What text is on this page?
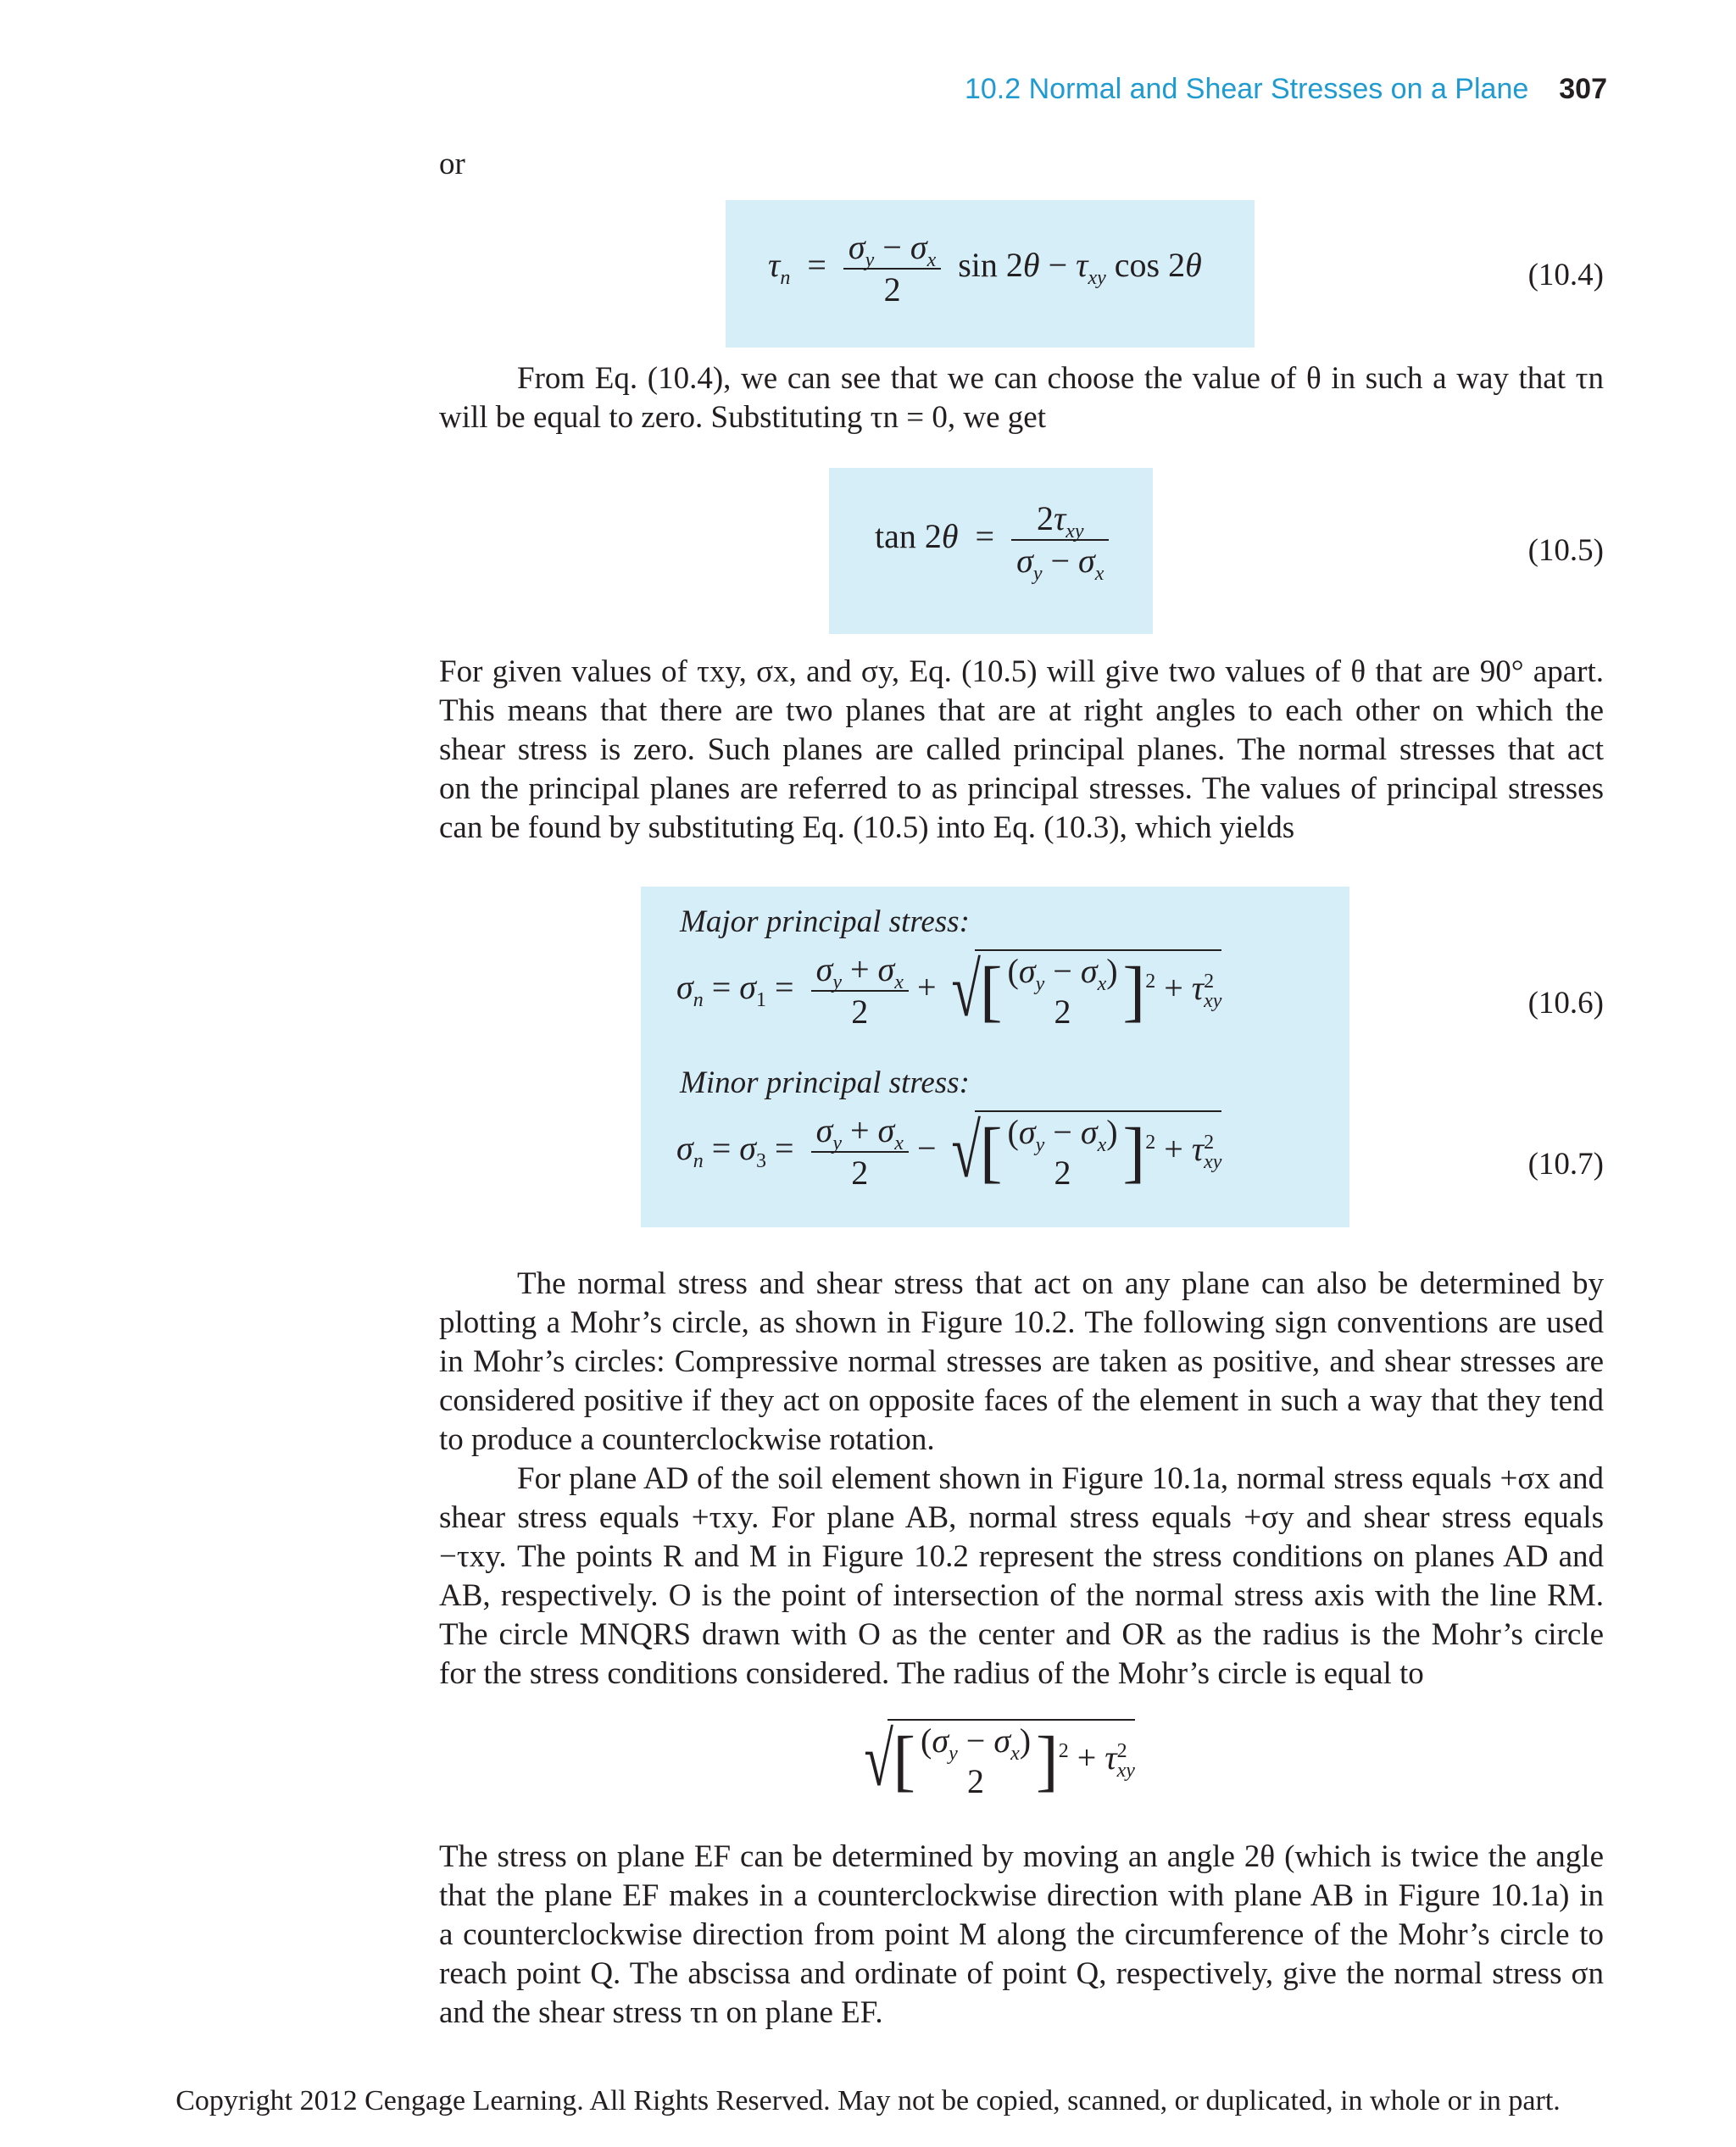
10.2 Normal and Shear Stresses on a Plane 307
or
$\tau_n = \frac{\sigma_y - \sigma_x}{2}$ $\sin 2\theta - \tau_{xy}$ cos 2θ	(10.4)
From Eq. (10.4), we can see that we can choose the value of θ in such a way that τn
will be equal to zero. Substituting τn = 0, we get
$\tan 2\theta = \frac{2\tau_{xy}}{\sigma_y - \sigma_x}$	(10.5)
For given values of τxy, σx, and σy, Eq. (10.5) will give two values of θ that are 90° apart.
This means that there are two planes that are at right angles to each other on which the
shear stress is zero. Such planes are called principal planes. The normal stresses that act
on the principal planes are referred to as principal stresses. The values of principal stresses
can be found by substituting Eq. (10.5) into Eq. (10.3), which yields
Major principal stress:
$\sigma_n = \sigma_1 = \frac{\sigma_y + \sigma_x}{2}$ + √[ $(\sigma_y - \sigma_x)$
2 ]$^2 + \tau^2_{xy}$	(10.6)
Minor principal stress:
$\sigma_n = \sigma_3 = \frac{\sigma_y + \sigma_x}{2}$ − √[ $(\sigma_y - \sigma_x)$
2 ]$^2 + \tau^2_{xy}$	(10.7)
The normal stress and shear stress that act on any plane can also be determined by
plotting a Mohr’s circle, as shown in Figure 10.2. The following sign conventions are used
in Mohr’s circles: Compressive normal stresses are taken as positive, and shear stresses are
considered positive if they act on opposite faces of the element in such a way that they tend
to produce a counterclockwise rotation.
For plane AD of the soil element shown in Figure 10.1a, normal stress equals +σx and
shear stress equals +τxy. For plane AB, normal stress equals +σy and shear stress equals −τxy. The points R and M in Figure 10.2 represent the stress conditions on planes AD and
AB, respectively. O is the point of intersection of the normal stress axis with the line RM.
The circle MNQRS drawn with O as the center and OR as the radius is the Mohr’s circle
for the stress conditions considered. The radius of the Mohr’s circle is equal to
√[ $(\sigma_y - \sigma_x)$
2 ]$^2 + \tau^2_{xy}$
The stress on plane EF can be determined by moving an angle 2θ (which is twice the angle
that the plane EF makes in a counterclockwise direction with plane AB in Figure 10.1a) in
a counterclockwise direction from point M along the circumference of the Mohr’s circle to
reach point Q. The abscissa and ordinate of point Q, respectively, give the normal stress σn
and the shear stress τn on plane EF.
Copyright 2012 Cengage Learning. All Rights Reserved. May not be copied, scanned, or duplicated, in whole or in part.
